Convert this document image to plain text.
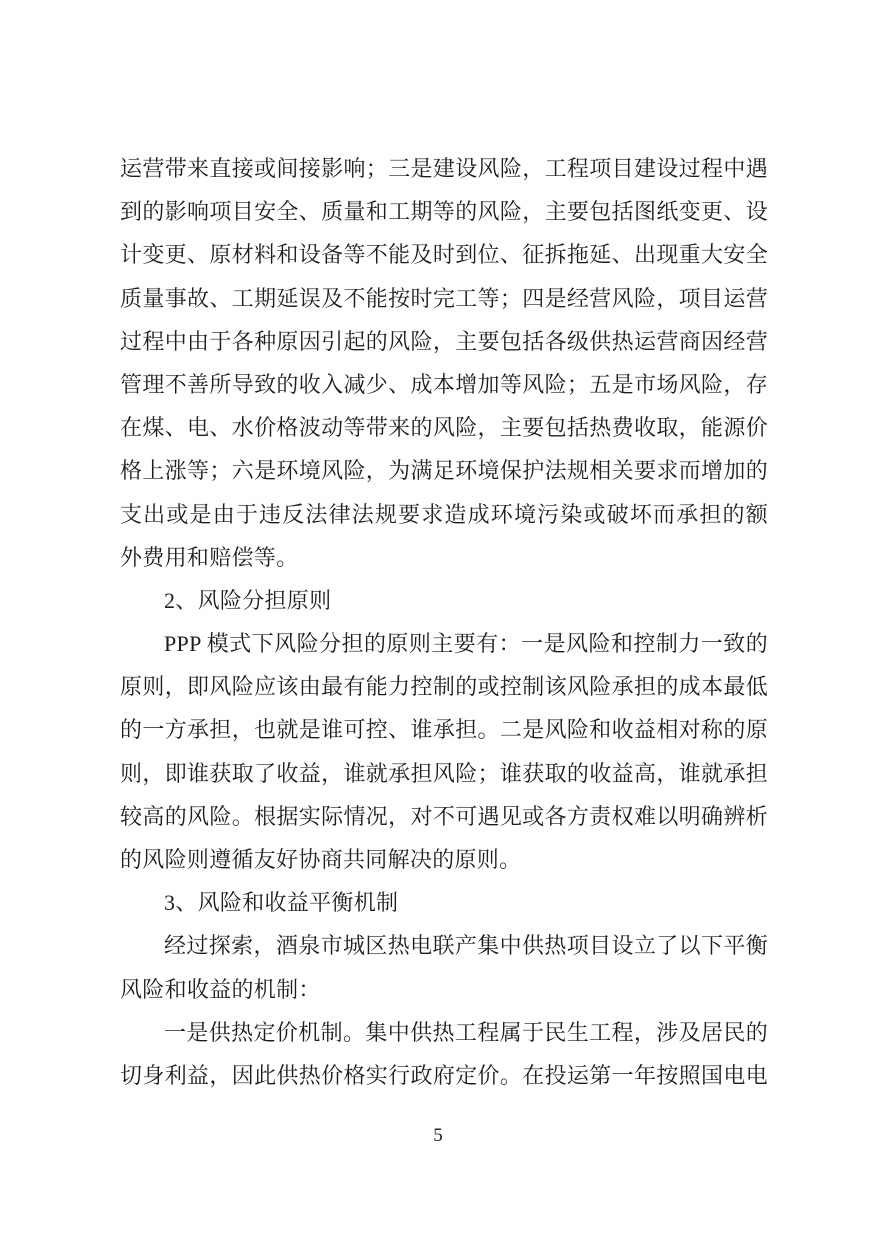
运营带来直接或间接影响；三是建设风险，工程项目建设过程中遇
到的影响项目安全、质量和工期等的风险，主要包括图纸变更、设
计变更、原材料和设备等不能及时到位、征拆拖延、出现重大安全
质量事故、工期延误及不能按时完工等；四是经营风险，项目运营
过程中由于各种原因引起的风险，主要包括各级供热运营商因经营
管理不善所导致的收入减少、成本增加等风险；五是市场风险，存
在煤、电、水价格波动等带来的风险，主要包括热费收取，能源价
格上涨等；六是环境风险，为满足环境保护法规相关要求而增加的
支出或是由于违反法律法规要求造成环境污染或破坏而承担的额
外费用和赔偿等。
2、风险分担原则
PPP 模式下风险分担的原则主要有：一是风险和控制力一致的
原则，即风险应该由最有能力控制的或控制该风险承担的成本最低
的一方承担，也就是谁可控、谁承担。二是风险和收益相对称的原
则，即谁获取了收益，谁就承担风险；谁获取的收益高，谁就承担
较高的风险。根据实际情况，对不可遇见或各方责权难以明确辨析
的风险则遵循友好协商共同解决的原则。
3、风险和收益平衡机制
经过探索，酒泉市城区热电联产集中供热项目设立了以下平衡
风险和收益的机制：
一是供热定价机制。集中供热工程属于民生工程，涉及居民的
切身利益，因此供热价格实行政府定价。在投运第一年按照国电电
5
